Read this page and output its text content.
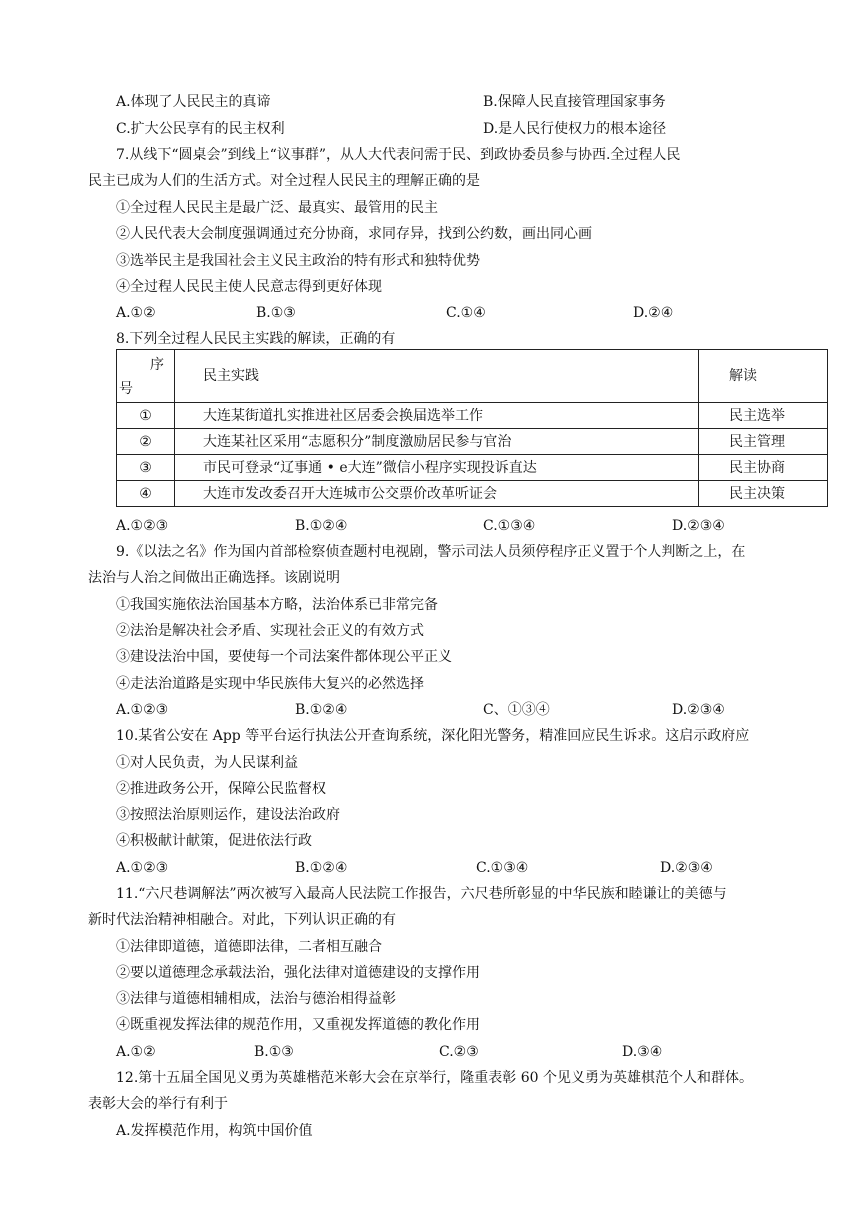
A.体现了人民民主的真谛	B.保障人民直接管理国家事务
C.扩大公民享有的民主权利	D.是人民行使权力的根本途径
7.从线下“圆桌会”到线上“议事群”，从人大代表问需于民、到政协委员参与协西.全过程人民
民主已成为人们的生活方式。对全过程人民民主的理解正确的是
①全过程人民民主是最广泛、最真实、最管用的民主
②人民代表大会制度强调通过充分协商，求同存异，找到公约数，画出同心画
③选举民主是我国社会主义民主政治的特有形式和独特优势
④全过程人民民主使人民意志得到更好体现
A.①②	B.①③	C.①④	D.②④
8.下列全过程人民民主实践的解读，正确的有
序
号	民主实践	解读
①	大连某街道扎实推进社区居委会换届选举工作	民主选举
②	大连某社区采用“志愿积分”制度激励居民参与官治	民主管理
③	市民可登录“辽事通 • e大连”微信小程序实现投诉直达	民主协商
④	大连市发改委召开大连城市公交票价改革听证会	民主决策
A.①②③	B.①②④	C.①③④	D.②③④
9.《以法之名》作为国内首部检察侦查题村电视剧，警示司法人员须停程序正义置于个人判断之上，在
法治与人治之间做出正确选择。该剧说明
①我国实施依法治国基本方略，法治体系已非常完备
②法治是解决社会矛盾、实现社会正义的有效方式
③建设法治中国，要使每一个司法案件都体现公平正义
④走法治道路是实现中华民族伟大复兴的必然选择
A.①②③	B.①②④	C、①③④	D.②③④
10.某省公安在 App 等平台运行执法公开查询系统，深化阳光警务，精准回应民生诉求。这启示政府应
①对人民负责，为人民谋利益
②推进政务公开，保障公民监督权
③按照法治原则运作，建设法治政府
④积极献计献策，促进依法行政
A.①②③	B.①②④	C.①③④	D.②③④
11.“六尺巷调解法”两次被写入最高人民法院工作报告，六尺巷所彰显的中华民族和睦谦让的美德与
新时代法治精神相融合。对此，下列认识正确的有
①法律即道德，道德即法律，二者相互融合
②要以道德理念承载法治，强化法律对道德建设的支撑作用
③法律与道德相辅相成，法治与德治相得益彰
④既重视发挥法律的规范作用，又重视发挥道德的教化作用
A.①②	B.①③	C.②③	D.③④
12.第十五届全国见义勇为英雄楷范米彰大会在京举行，隆重表彰 60 个见义勇为英雄棋范个人和群体。
表彰大会的举行有利于
A.发挥模范作用，构筑中国价值
